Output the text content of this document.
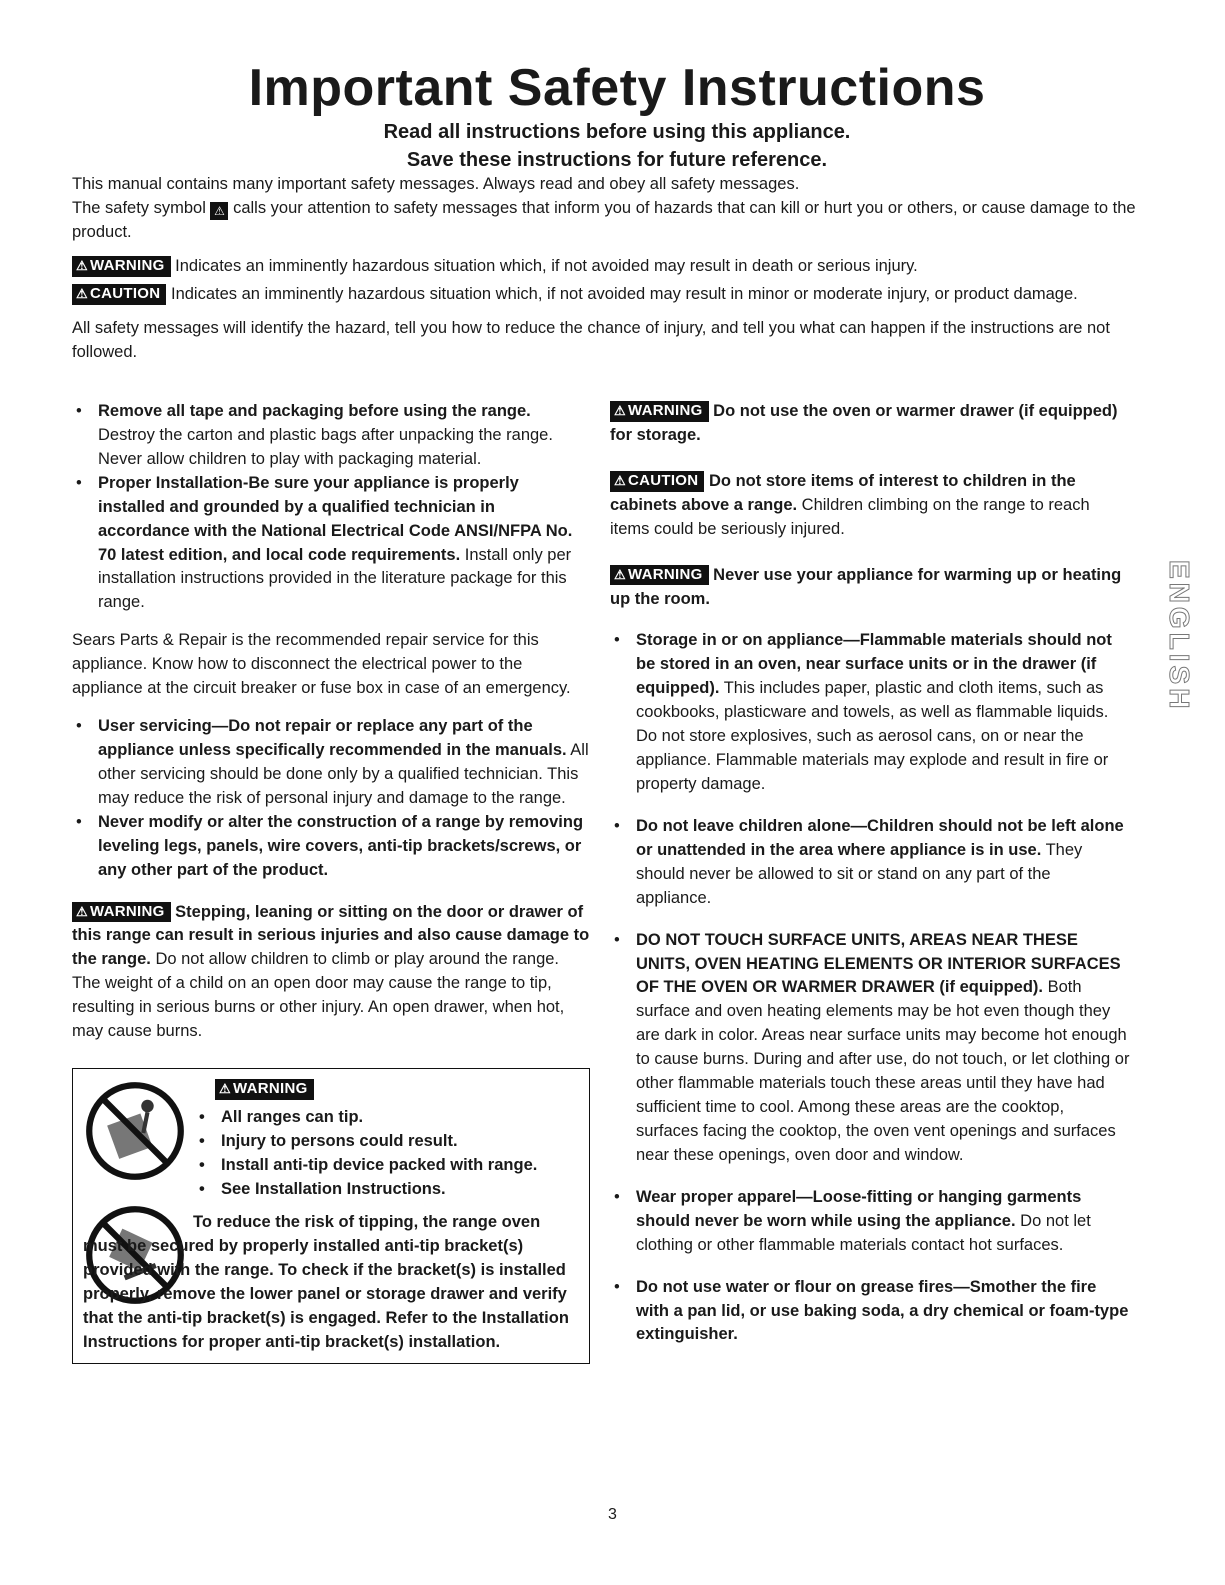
Important Safety Instructions
Read all instructions before using this appliance.
Save these instructions for future reference.

This manual contains many important safety messages. Always read and obey all safety messages.

The safety symbol ⚠ calls your attention to safety messages that inform you of hazards that can kill or hurt you or others, or cause damage to the product.

⚠ WARNING Indicates an imminently hazardous situation which, if not avoided may result in death or serious injury.

⚠ CAUTION Indicates an imminently hazardous situation which, if not avoided may result in minor or moderate injury, or product damage.

All safety messages will identify the hazard, tell you how to reduce the chance of injury, and tell you what can happen if the instructions are not followed.

• Remove all tape and packaging before using the range. Destroy the carton and plastic bags after unpacking the range. Never allow children to play with packaging material.
• Proper Installation-Be sure your appliance is properly installed and grounded by a qualified technician in accordance with the National Electrical Code ANSI/NFPA No. 70 latest edition, and local code requirements. Install only per installation instructions provided in the literature package for this range.

Sears Parts & Repair is the recommended repair service for this appliance. Know how to disconnect the electrical power to the appliance at the circuit breaker or fuse box in case of an emergency.

• User servicing—Do not repair or replace any part of the appliance unless specifically recommended in the manuals. All other servicing should be done only by a qualified technician. This may reduce the risk of personal injury and damage to the range.
• Never modify or alter the construction of a range by removing leveling legs, panels, wire covers, anti-tip brackets/screws, or any other part of the product.

⚠ WARNING Stepping, leaning or sitting on the door or drawer of this range can result in serious injuries and also cause damage to the range. Do not allow children to climb or play around the range. The weight of a child on an open door may cause the range to tip, resulting in serious burns or other injury. An open drawer, when hot, may cause burns.

⚠ WARNING
• All ranges can tip.
• Injury to persons could result.
• Install anti-tip device packed with range.
• See Installation Instructions.

To reduce the risk of tipping, the range oven must be secured by properly installed anti-tip bracket(s) provided with the range. To check if the bracket(s) is installed properly, remove the lower panel or storage drawer and verify that the anti-tip bracket(s) is engaged. Refer to the Installation Instructions for proper anti-tip bracket(s) installation.

⚠ WARNING Do not use the oven or warmer drawer (if equipped) for storage.

⚠ CAUTION Do not store items of interest to children in the cabinets above a range. Children climbing on the range to reach items could be seriously injured.

⚠ WARNING Never use your appliance for warming up or heating up the room.

• Storage in or on appliance—Flammable materials should not be stored in an oven, near surface units or in the drawer (if equipped). This includes paper, plastic and cloth items, such as cookbooks, plasticware and towels, as well as flammable liquids. Do not store explosives, such as aerosol cans, on or near the appliance. Flammable materials may explode and result in fire or property damage.
• Do not leave children alone—Children should not be left alone or unattended in the area where appliance is in use. They should never be allowed to sit or stand on any part of the appliance.
• DO NOT TOUCH SURFACE UNITS, AREAS NEAR THESE UNITS, OVEN HEATING ELEMENTS OR INTERIOR SURFACES OF THE OVEN OR WARMER DRAWER (if equipped). Both surface and oven heating elements may be hot even though they are dark in color. Areas near surface units may become hot enough to cause burns. During and after use, do not touch, or let clothing or other flammable materials touch these areas until they have had sufficient time to cool. Among these areas are the cooktop, surfaces facing the cooktop, the oven vent openings and surfaces near these openings, oven door and window.
• Wear proper apparel—Loose-fitting or hanging garments should never be worn while using the appliance. Do not let clothing or other flammable materials contact hot surfaces.
• Do not use water or flour on grease fires—Smother the fire with a pan lid, or use baking soda, a dry chemical or foam-type extinguisher.
ENGLISH
3
